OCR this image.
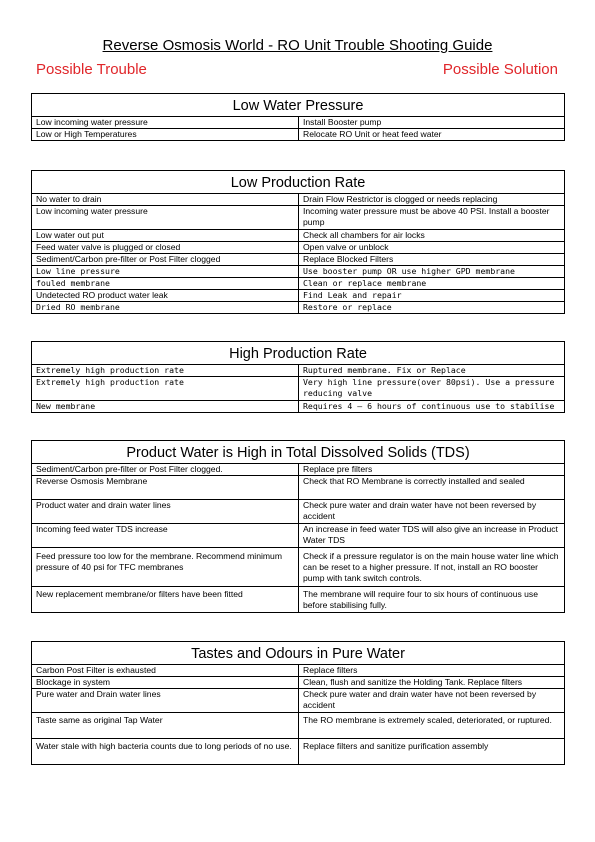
Reverse Osmosis World - RO Unit Trouble Shooting Guide
Possible Trouble	Possible Solution
Low Water Pressure	
Low incoming water pressure	Install Booster pump
Low or High Temperatures	Relocate RO Unit or heat feed water
Low Production Rate	
No water to drain	Drain Flow Restrictor is clogged or needs replacing
Low incoming water pressure	Incoming water pressure must be above 40 PSI. Install a booster pump
Low water out put	Check all chambers for air locks
Feed water valve is plugged or closed	Open valve or unblock
Sediment/Carbon pre-filter or Post Filter clogged	Replace Blocked Filters
Low line pressure	Use booster pump OR use higher GPD membrane
fouled membrane	Clean or replace membrane
Undetected RO product water leak	Find Leak and repair
Dried RO membrane	Restore or replace
High Production Rate	
Extremely high production rate	Ruptured membrane. Fix or Replace
Extremely high production rate	Very high line pressure(over 80psi). Use a pressure reducing valve
New membrane	Requires 4 – 6 hours of continuous use to stabilise
Product Water is High in Total Dissolved Solids (TDS)	
Sediment/Carbon pre-filter or Post Filter clogged.	Replace pre filters
Reverse Osmosis Membrane	Check that RO Membrane is correctly installed and sealed
Product water and drain water lines	Check pure water and drain water have not been reversed by accident
Incoming feed water TDS increase	An increase in feed water TDS will also give an increase in Product Water TDS
Feed pressure too low for the membrane. Recommend minimum pressure of 40 psi for TFC membranes	Check if a pressure regulator is on the main house water line which can be reset to a higher pressure. If not, install an RO booster pump with tank switch controls.
New replacement membrane/or filters have been fitted	The membrane will require four to six hours of continuous use before stabilising fully.
Tastes and Odours in Pure Water	
Carbon Post Filter is exhausted	Replace filters
Blockage in system	Clean, flush and sanitize the Holding Tank. Replace filters
Pure water and Drain water lines	Check pure water and drain water have not been reversed by accident
Taste same as original Tap Water	The RO membrane is extremely scaled, deteriorated, or ruptured.
Water stale with high bacteria counts due to long periods of no use.	Replace filters and sanitize purification assembly
